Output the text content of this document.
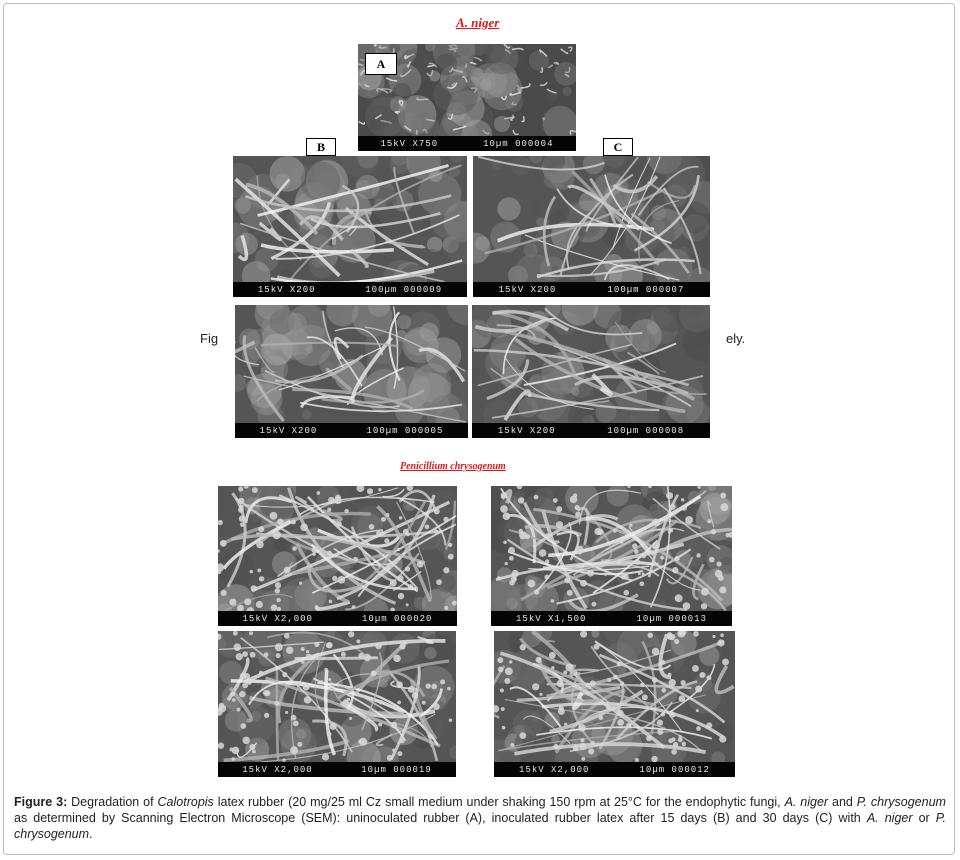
A. niger
15kV X750	10µm 000004
A
B	C
15kV X200	100µm 000009	15kV X200	100µm 000007
Fig	ely.
15kV X200	100µm 000005	15kV X200	100µm 000008
Penicillium chrysogenum
15kV X2,000	10µm 000020	15kV X1,500	10µm 000013
15kV X2,000	10µm 000019	15kV X2,000	10µm 000012
Figure 3: Degradation of Calotropis latex rubber (20 mg/25 ml Cz small medium under shaking 150 rpm at 25°C for the endophytic fungi, A. niger and P. chrysogenum as determined by Scanning Electron Microscope (SEM): uninoculated rubber (A), inoculated rubber latex after 15 days (B) and 30 days (C) with A. niger or P. chrysogenum.
